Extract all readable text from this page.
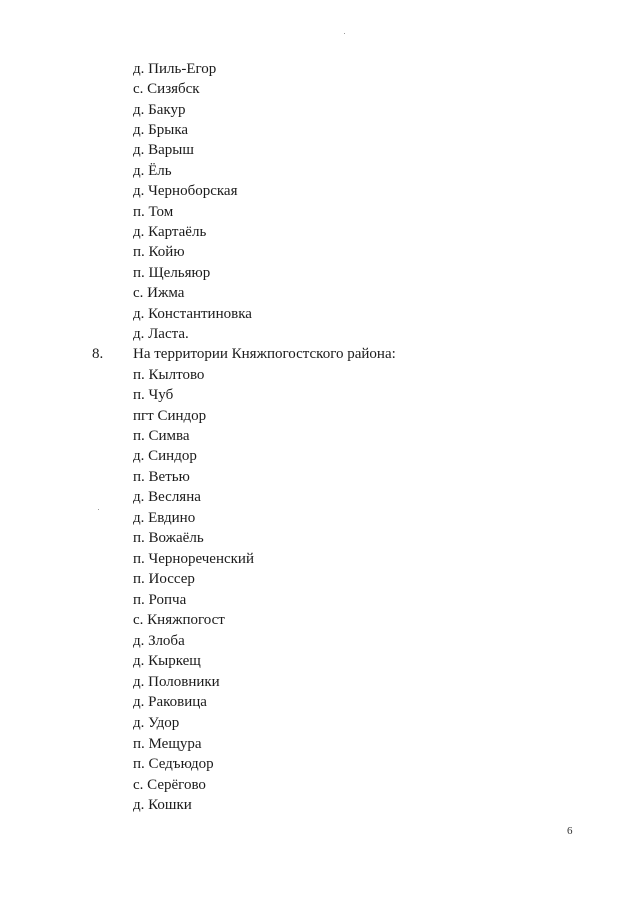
д. Пиль-Егор
с. Сизябск
д. Бакур
д. Брыка
д. Варыш
д. Ёль
д. Черноборская
п. Том
д. Картаёль
п. Койю
п. Щельяюр
с. Ижма
д. Константиновка
д. Ласта.
8. На территории Княжпогостского района:
п. Кылтово
п. Чуб
пгт Синдор
п. Симва
д. Синдор
п. Ветью
д. Весляна
д. Евдино
п. Вожаёль
п. Чернореченский
п. Иоссер
п. Ропча
с. Княжпогост
д. Злоба
д. Кыркещ
д. Половники
д. Раковица
д. Удор
п. Мещура
п. Седъюдор
с. Серёгово
д. Кошки
6
